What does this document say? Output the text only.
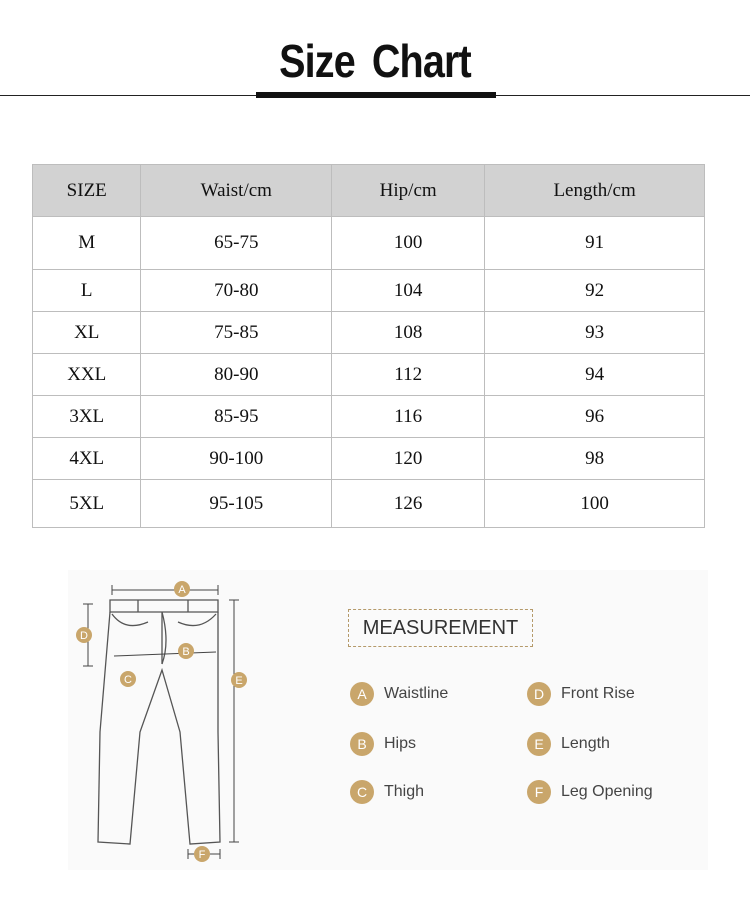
Size Chart
SIZE	Waist/cm	Hip/cm	Length/cm
M	65-75	100	91
L	70-80	104	92
XL	75-85	108	93
XXL	80-90	112	94
3XL	85-95	116	96
4XL	90-100	120	98
5XL	95-105	126	100
A
B
C
D
E
F
MEASUREMENT
A	Waistline
B	Hips
C	Thigh
D	Front Rise
E	Length
F	Leg Opening
